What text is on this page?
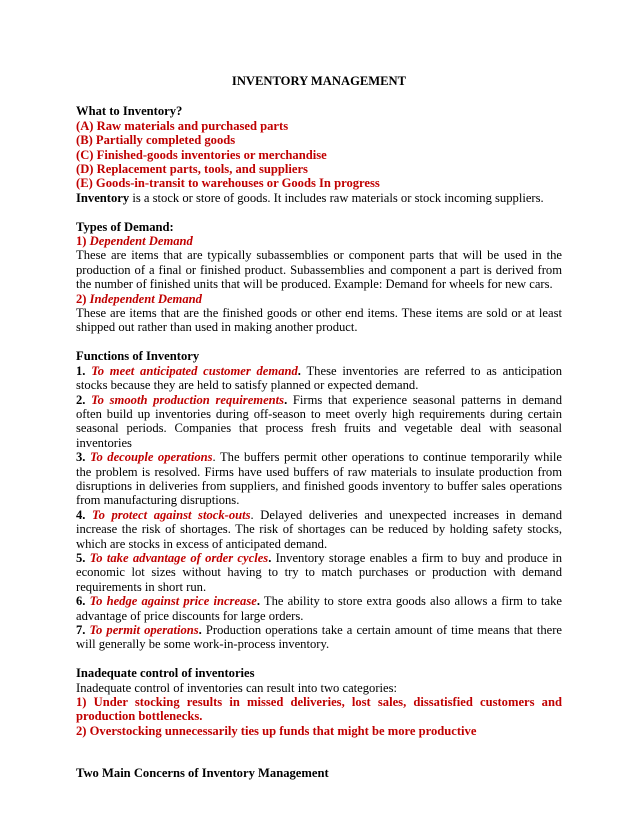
INVENTORY MANAGEMENT

What to Inventory?

(A) Raw materials and purchased parts

(B) Partially completed goods

(C) Finished-goods inventories or merchandise

(D) Replacement parts, tools, and suppliers

(E) Goods-in-transit to warehouses or Goods In progress

Inventory is a stock or store of goods. It includes raw materials or stock incoming suppliers.

Types of Demand:

1) Dependent Demand

These are items that are typically subassemblies or component parts that will be used in the production of a final or finished product. Subassemblies and component a part is derived from the number of finished units that will be produced. Example: Demand for wheels for new cars.

2) Independent Demand

These are items that are the finished goods or other end items. These items are sold or at least shipped out rather than used in making another product.

Functions of Inventory

1. To meet anticipated customer demand. These inventories are referred to as anticipation stocks because they are held to satisfy planned or expected demand.

2. To smooth production requirements. Firms that experience seasonal patterns in demand often build up inventories during off-season to meet overly high requirements during certain seasonal periods. Companies that process fresh fruits and vegetable deal with seasonal inventories

3. To decouple operations. The buffers permit other operations to continue temporarily while the problem is resolved. Firms have used buffers of raw materials to insulate production from disruptions in deliveries from suppliers, and finished goods inventory to buffer sales operations from manufacturing disruptions.

4. To protect against stock-outs. Delayed deliveries and unexpected increases in demand increase the risk of shortages. The risk of shortages can be reduced by holding safety stocks, which are stocks in excess of anticipated demand.

5. To take advantage of order cycles. Inventory storage enables a firm to buy and produce in economic lot sizes without having to try to match purchases or production with demand requirements in short run.

6. To hedge against price increase. The ability to store extra goods also allows a firm to take advantage of price discounts for large orders.

7. To permit operations. Production operations take a certain amount of time means that there will generally be some work-in-process inventory.

Inadequate control of inventories

Inadequate control of inventories can result into two categories:

1) Under stocking results in missed deliveries, lost sales, dissatisfied customers and production bottlenecks.

2) Overstocking unnecessarily ties up funds that might be more productive

Two Main Concerns of Inventory Management
